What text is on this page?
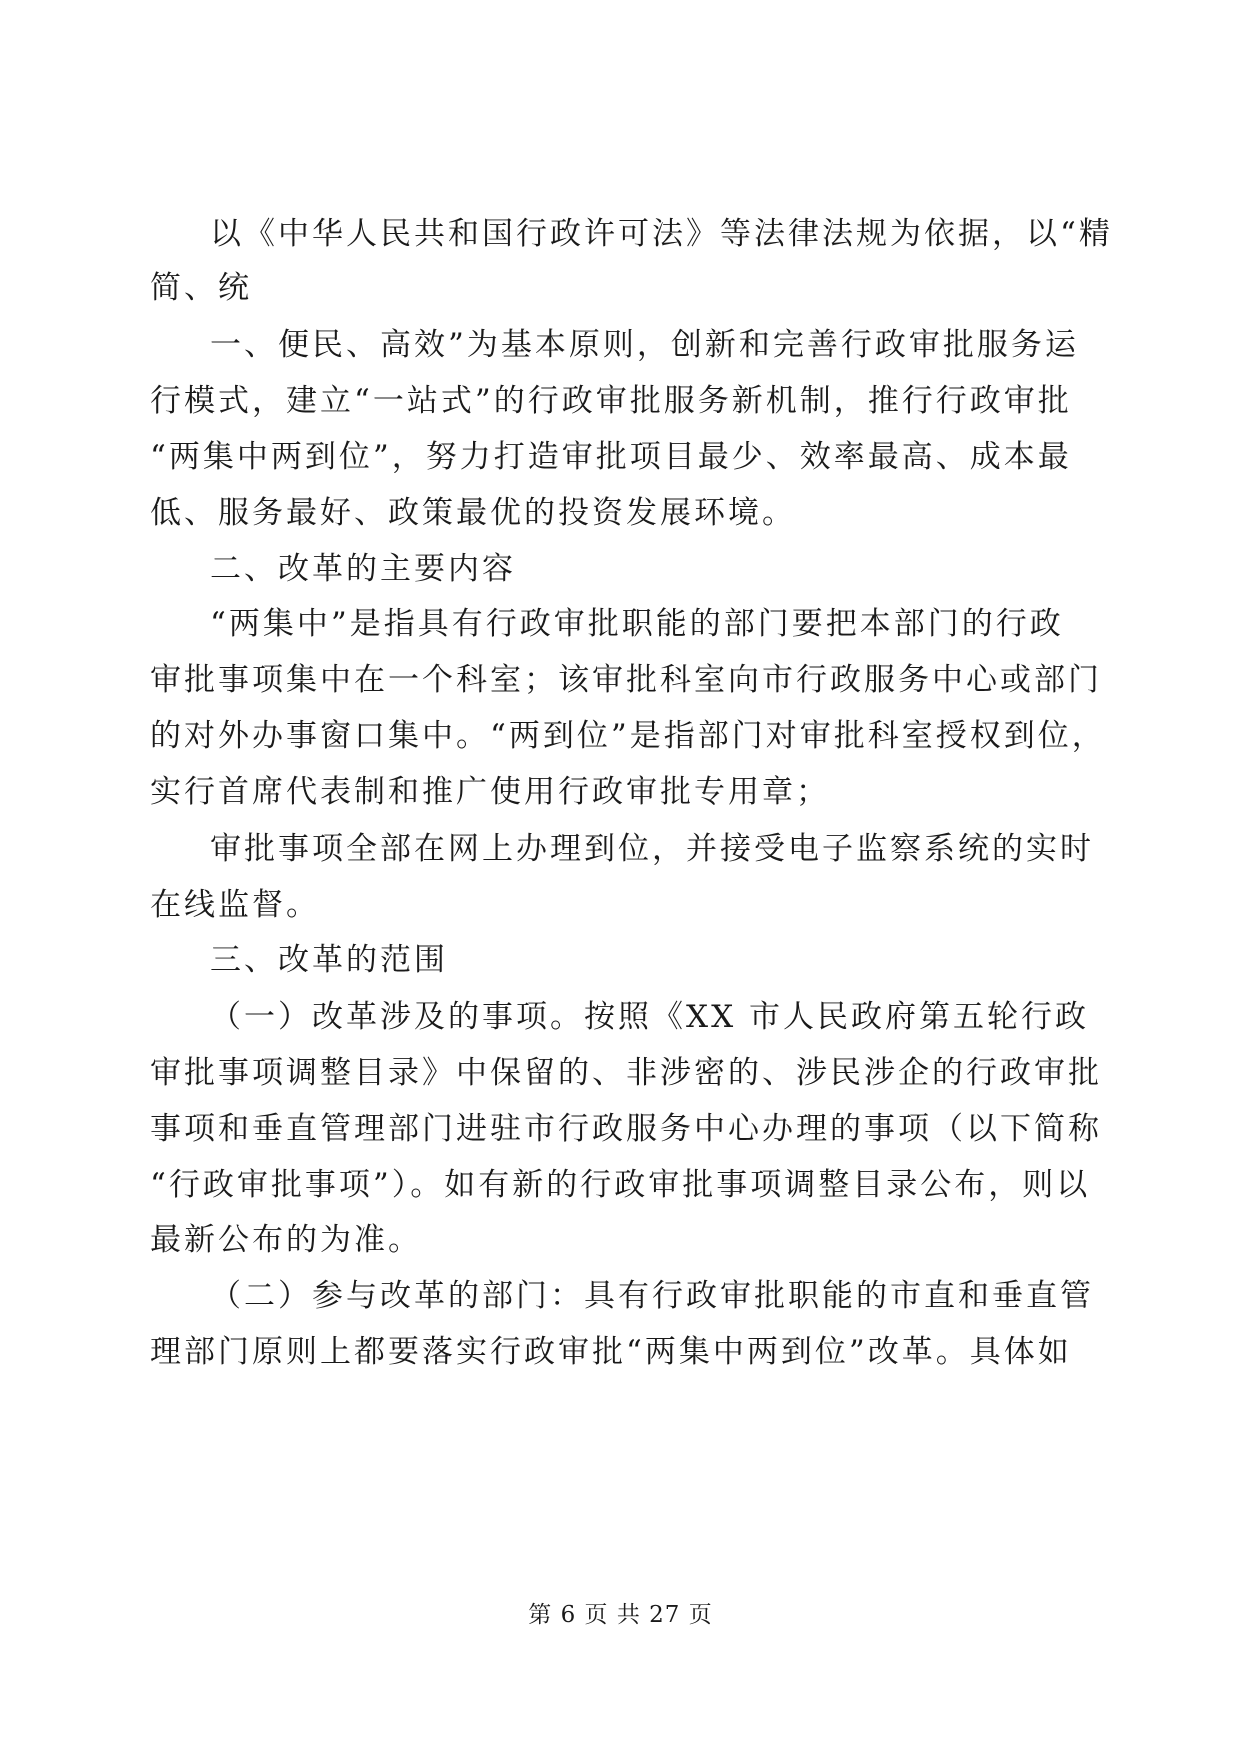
以《中华人民共和国行政许可法》等法律法规为依据，以“精
简、统
一、便民、高效”为基本原则，创新和完善行政审批服务运
行模式，建立“一站式”的行政审批服务新机制，推行行政审批
“两集中两到位”，努力打造审批项目最少、效率最高、成本最
低、服务最好、政策最优的投资发展环境。
二、改革的主要内容
“两集中”是指具有行政审批职能的部门要把本部门的行政
审批事项集中在一个科室；该审批科室向市行政服务中心或部门
的对外办事窗口集中。“两到位”是指部门对审批科室授权到位，
实行首席代表制和推广使用行政审批专用章；
审批事项全部在网上办理到位，并接受电子监察系统的实时
在线监督。
三、改革的范围
（一）改革涉及的事项。按照《XX 市人民政府第五轮行政
审批事项调整目录》中保留的、非涉密的、涉民涉企的行政审批
事项和垂直管理部门进驻市行政服务中心办理的事项（以下简称
“行政审批事项”）。如有新的行政审批事项调整目录公布，则以
最新公布的为准。
（二）参与改革的部门：具有行政审批职能的市直和垂直管
理部门原则上都要落实行政审批“两集中两到位”改革。具体如
第 6 页 共 27 页
